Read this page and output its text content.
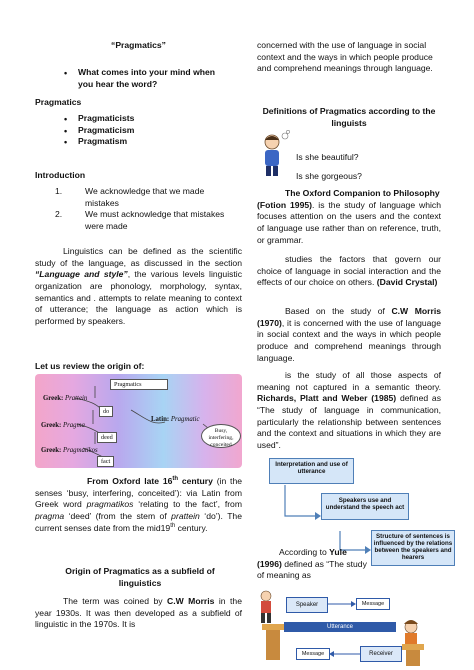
“Pragmatics”
• What comes into your mind when you hear the word?
Pragmatics
• Pragmaticists
• Pragmaticism
• Pragmatism
Introduction
1.	We acknowledge that we made mistakes
2.	We must acknowledge that mistakes were made
Linguistics can be defined as the scientific study of the language, as discussed in the section “Language and style”, the various levels linguistic organization are phonology, morphology, syntax, semantics and . attempts to relate meaning to context of utterance; the language as action which is performed by speakers.
Let us review the origin of:
Pragmatics
Greek: Prattein
do
Latin: Pragmatic
Busy, interfering, conceited
Greek: Pragma
deed
Greek: Pragmatikos
fact
From Oxford late 16th century (in the senses ‘busy, interfering, conceited’): via Latin from Greek word pragmatikos ‘relating to the fact’, from pragma ‘deed’ (from the stem of prattein ‘do’). The current senses date from the mid19th century.
Origin of Pragmatics as a subfield of linguistics
The term was coined by C.W Morris in the year 1930s. It was then developed as a subfield of linguistic in the 1970s. It is
concerned with the use of language in social context and the ways in which people produce and comprehend meanings through language.
Definitions of Pragmatics according to the linguists
Is she beautiful?
Is she gorgeous?
The Oxford Companion to Philosophy
(Fotion 1995). is the study of language which focuses attention on the users and the context of language use rather than on reference, truth, or grammar.
studies the factors that govern our choice of language in social interaction and the effects of our choice on others. (David Crystal)
Based on the study of C.W Morris (1970), it is concerned with the use of language in social context and the ways in which people produce and comprehend meanings through language.
is the study of all those aspects of meaning not captured in a semantic theory. Richards, Platt and Weber (1985) defined as “The study of language in communication, particularly the relationship between sentences and the context and situations in which they are used”.
Interpretation and use of utterance
Speakers use and understand the speech act
Structure of sentences is influenced by the relations between the speakers and hearers
According to Yule (1996) defined as “The study of meaning as
Speaker	Message
Utterance
Message	Receiver
